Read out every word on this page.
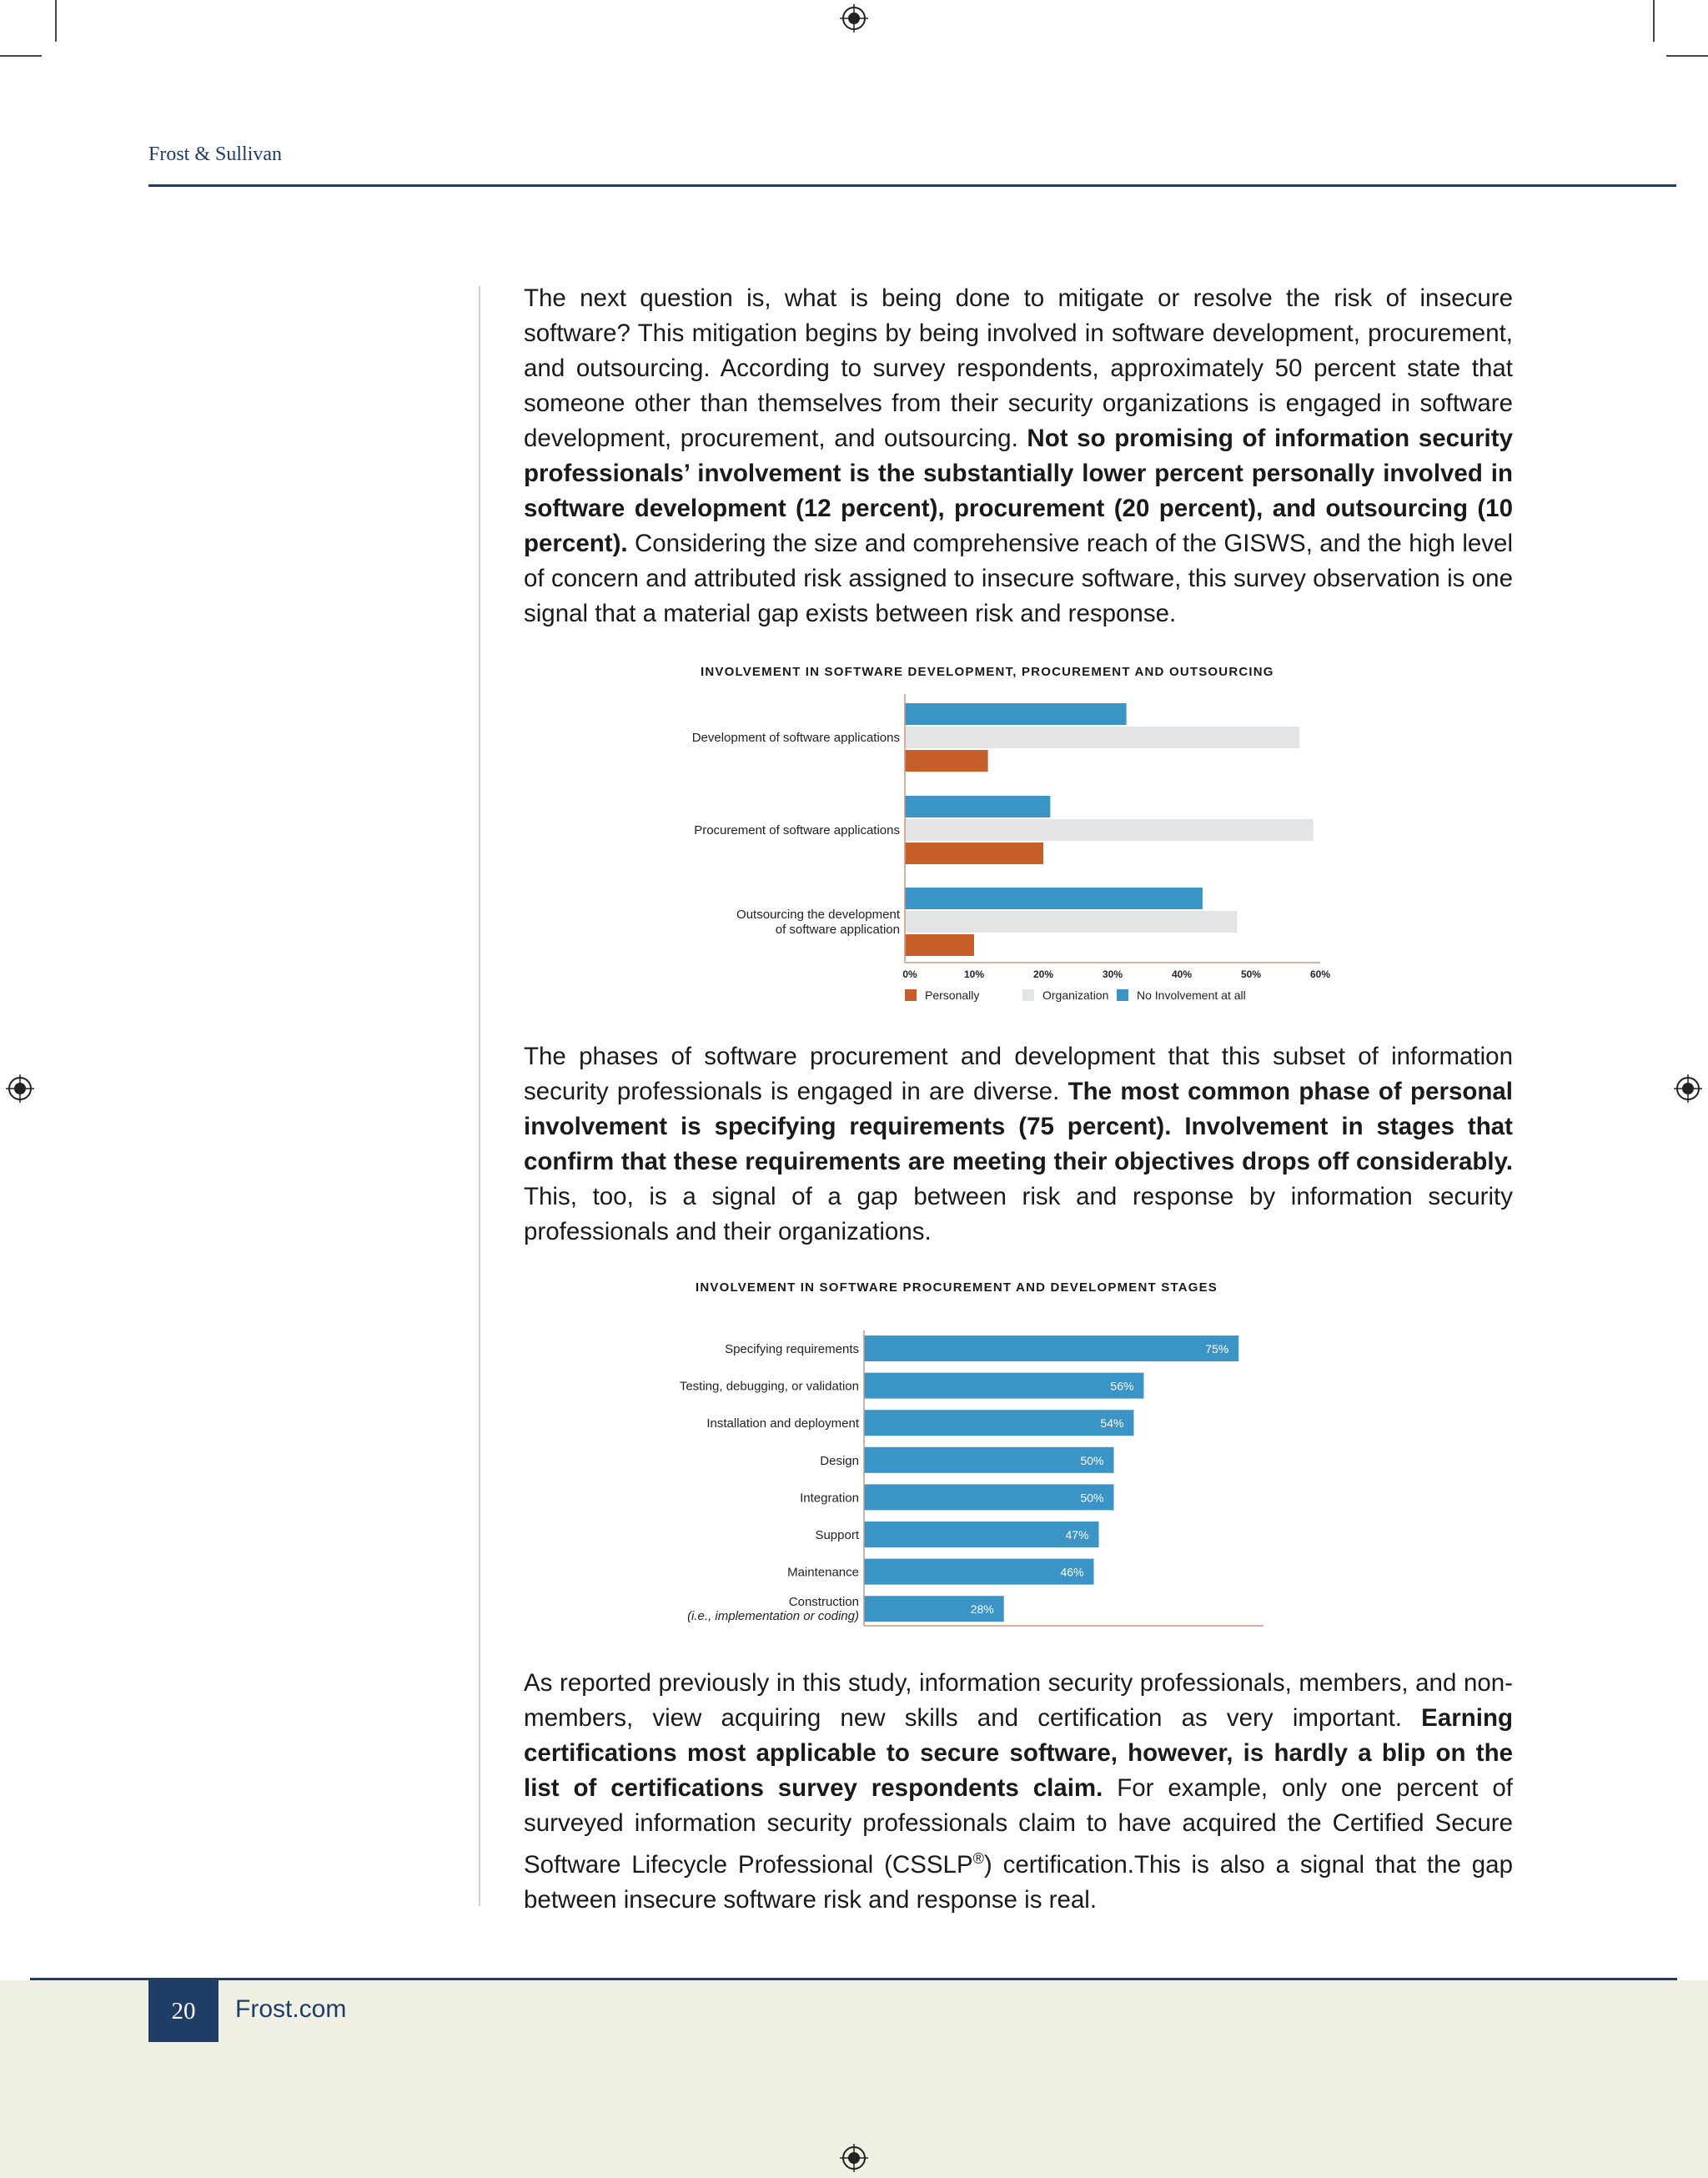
Frost & Sullivan

The next question is, what is being done to mitigate or resolve the risk of insecure software? This mitigation begins by being involved in software development, procurement, and outsourcing. According to survey respondents, approximately 50 percent state that someone other than themselves from their security organizations is engaged in software development, procurement, and outsourcing. Not so promising of information security professionals’ involvement is the substantially lower percent personally involved in software development (12 percent), procurement (20 percent), and outsourcing (10 percent). Considering the size and comprehensive reach of the GISWS, and the high level of concern and attributed risk assigned to insecure software, this survey observation is one signal that a material gap exists between risk and response.

INVOLVEMENT IN SOFTWARE DEVELOPMENT, PROCUREMENT AND OUTSOURCING
Development of software applications
Procurement of software applications
Outsourcing the development
of software application
0%	10%	20%	30%	40%	50%	60%
Personally	Organization No Involvement at all

The phases of software procurement and development that this subset of information security professionals is engaged in are diverse. The most common phase of personal involvement is specifying requirements (75 percent). Involvement in stages that confirm that these requirements are meeting their objectives drops off considerably. This, too, is a signal of a gap between risk and response by information security professionals and their organizations.

INVOLVEMENT IN SOFTWARE PROCUREMENT AND DEVELOPMENT STAGES
75%
Specifying requirements
56%
Testing, debugging, or validation
54%
Installation and deployment
50%
Design
50%
Integration
47%
Support
46%
Maintenance
28%
Construction
(i.e., implementation or coding)

As reported previously in this study, information security professionals, members, and non-members, view acquiring new skills and certification as very important. Earning certifications most applicable to secure software, however, is hardly a blip on the list of certifications survey respondents claim. For example, only one percent of surveyed information security professionals claim to have acquired the Certified Secure Software Lifecycle Professional (CSSLP®) certification.This is also a signal that the gap between insecure software risk and response is real.

20	Frost.com
